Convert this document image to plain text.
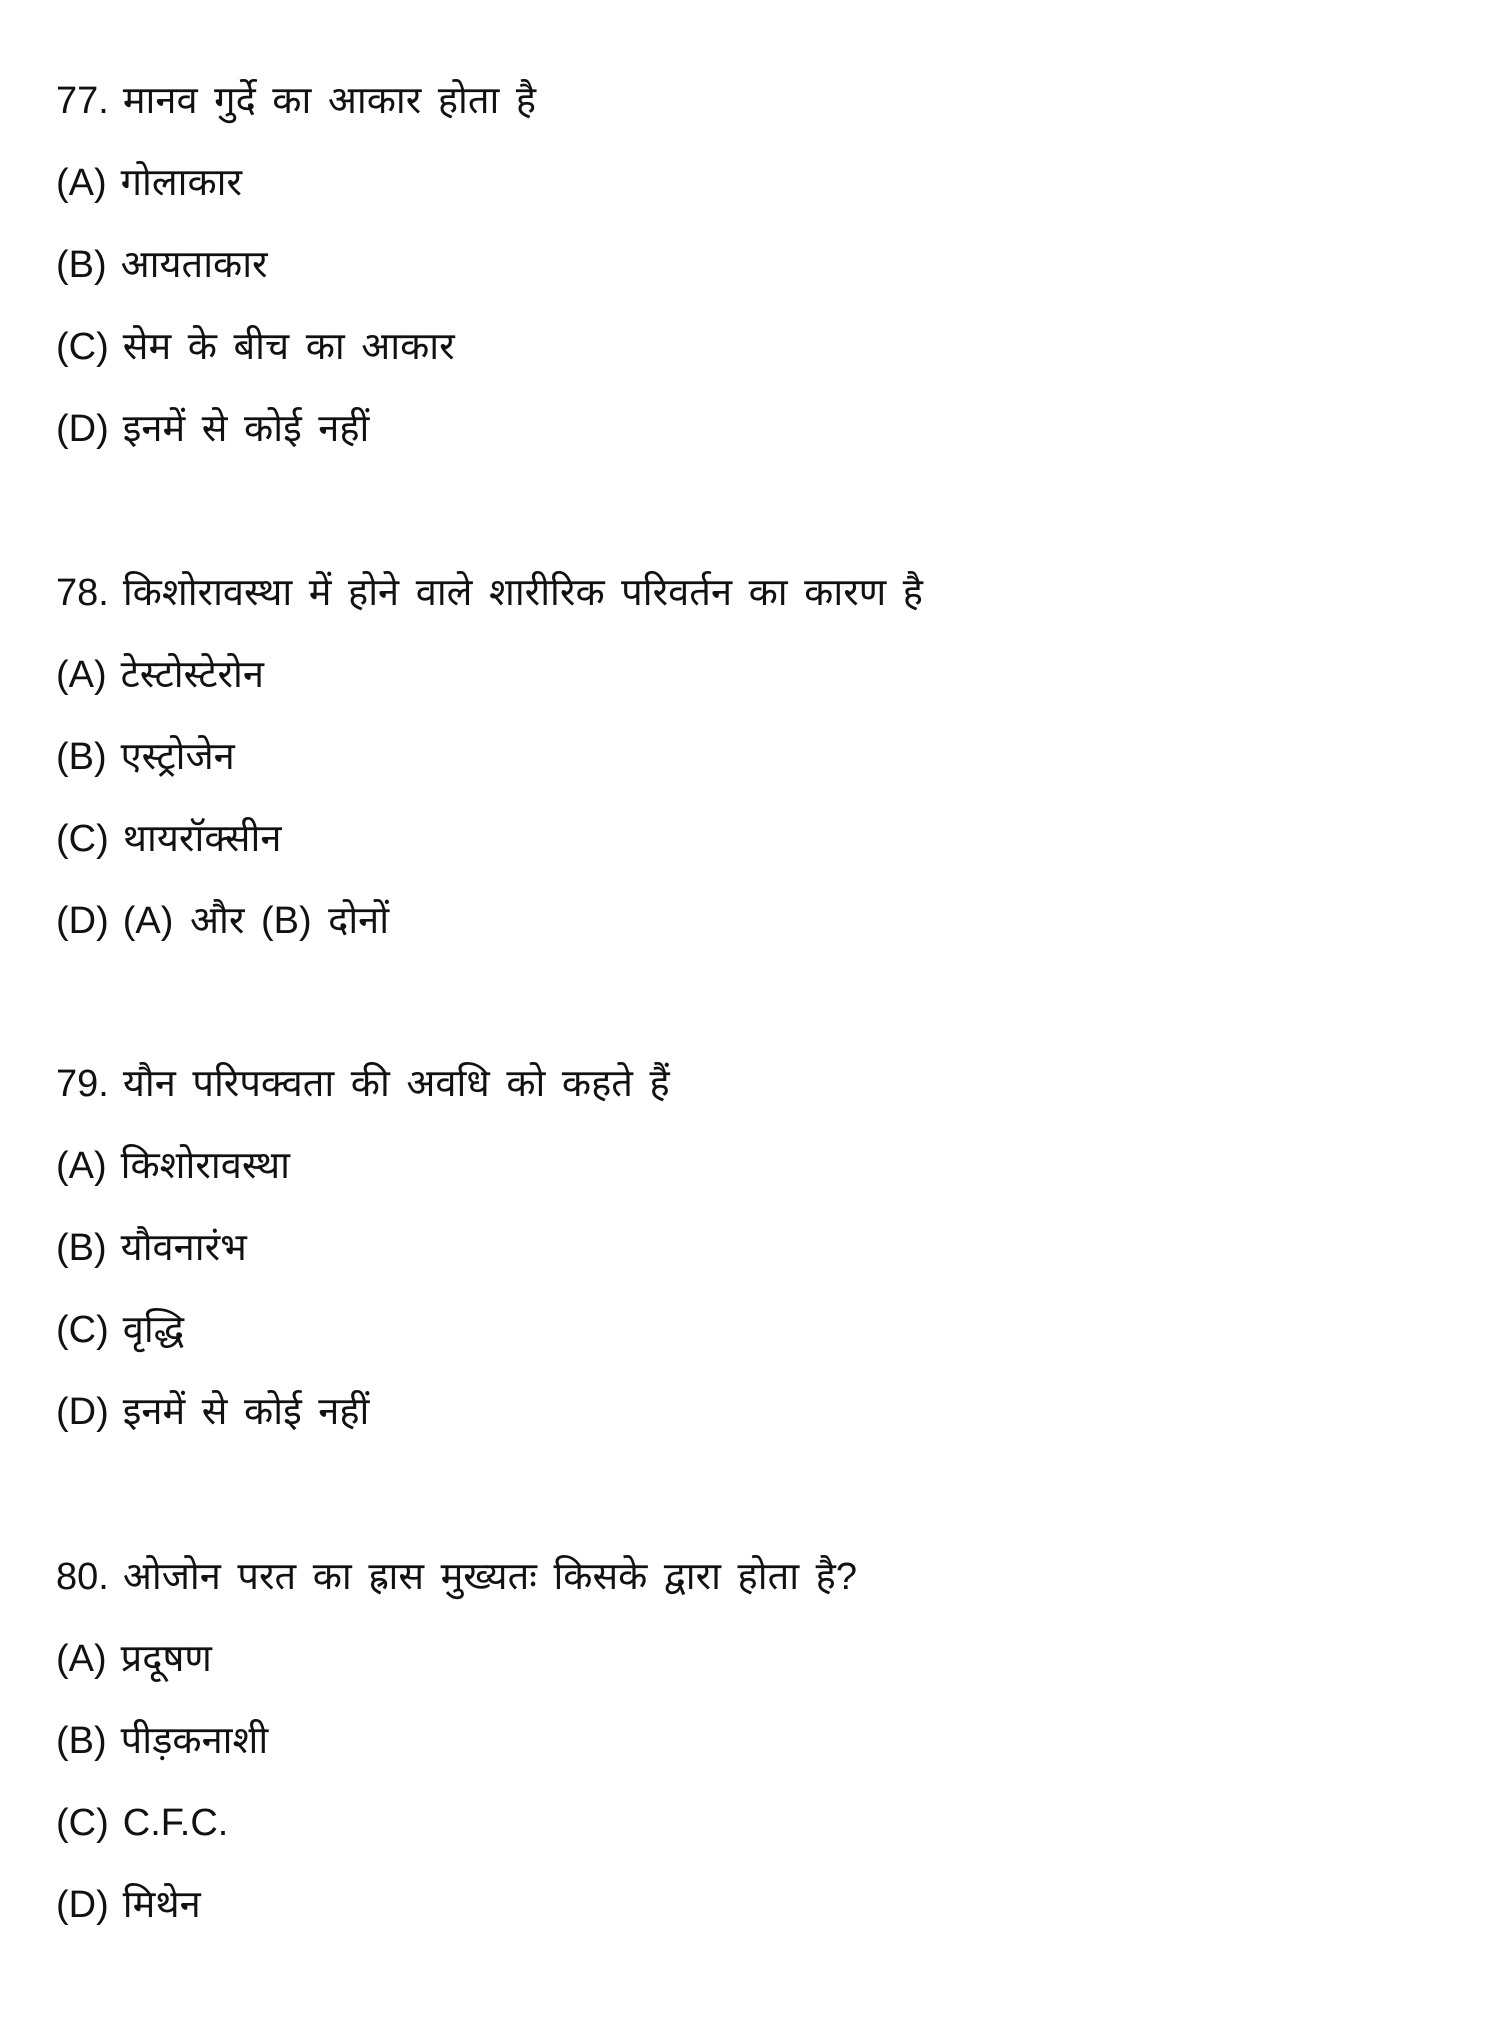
77. मानव गुर्दे का आकार होता है
(A) गोलाकार
(B) आयताकार
(C) सेम के बीच का आकार
(D) इनमें से कोई नहीं
78. किशोरावस्था में होने वाले शारीरिक परिवर्तन का कारण है
(A) टेस्टोस्टेरोन
(B) एस्ट्रोजेन
(C) थायरॉक्सीन
(D) (A) और (B) दोनों
79. यौन परिपक्वता की अवधि को कहते हैं
(A) किशोरावस्था
(B) यौवनारंभ
(C) वृद्धि
(D) इनमें से कोई नहीं
80. ओजोन परत का ह्रास मुख्यतः किसके द्वारा होता है?
(A) प्रदूषण
(B) पीड़कनाशी
(C) C.F.C.
(D) मिथेन
